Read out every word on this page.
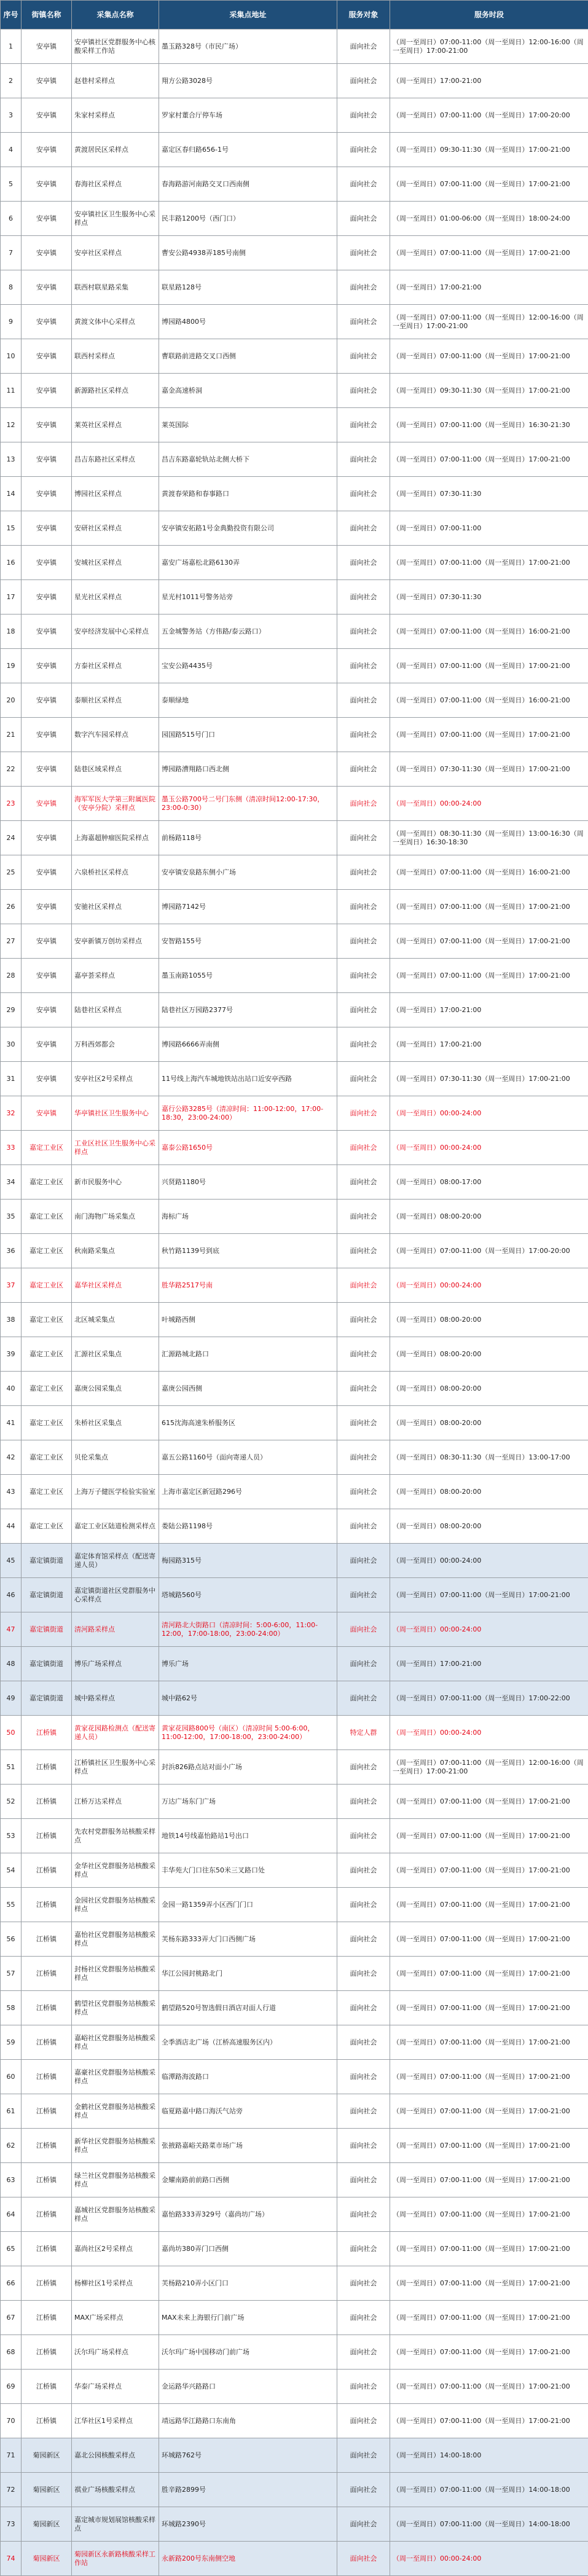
序号	街镇名称	采集点名称	采集点地址	服务对象	服务时段
1	安亭镇	安亭镇社区党群服务中心核酸采样工作站	墨玉路328号（市民广场）	面向社会	（周一至周日）07:00-11:00（周一至周日）12:00-16:00（周一至周日）17:00-21:00
2	安亭镇	赵巷村采样点	翔方公路3028号	面向社会	（周一至周日）17:00-21:00
3	安亭镇	朱家村采样点	罗家村董合厅停车场	面向社会	（周一至周日）07:00-11:00（周一至周日）17:00-20:00
4	安亭镇	黄渡居民区采样点	嘉定区春归路656-1号	面向社会	（周一至周日）09:30-11:30（周一至周日）17:00-21:00
5	安亭镇	春海社区采样点	春海路游河南路交叉口西南侧	面向社会	（周一至周日）07:00-11:00（周一至周日）17:00-21:00
6	安亭镇	安亭镇社区卫生服务中心采样点	民丰路1200号（西门口）	面向社会	（周一至周日）01:00-06:00（周一至周日）18:00-24:00
7	安亭镇	安亭社区采样点	曹安公路4938弄185号南侧	面向社会	（周一至周日）07:00-11:00（周一至周日）17:00-21:00
8	安亭镇	联西村联星路采集	联星路128号	面向社会	（周一至周日）17:00-21:00
9	安亭镇	黄渡文体中心采样点	博园路4800号	面向社会	（周一至周日）07:00-11:00（周一至周日）12:00-16:00（周一至周日）17:00-21:00
10	安亭镇	联西村采样点	曹联路前进路交叉口西侧	面向社会	（周一至周日）07:00-11:00（周一至周日）17:00-21:00
11	安亭镇	新源路社区采样点	嘉金高速桥洞	面向社会	（周一至周日）09:30-11:30（周一至周日）17:00-21:00
12	安亭镇	莱英社区采样点	莱英国际	面向社会	（周一至周日）07:00-11:00（周一至周日）16:30-21:30
13	安亭镇	昌吉东路社区采样点	昌吉东路嘉轮轨站北侧大桥下	面向社会	（周一至周日）07:00-11:00（周一至周日）17:00-21:00
14	安亭镇	博园社区采样点	黄渡春荣路和春事路口	面向社会	（周一至周日）07:30-11:30
15	安亭镇	安研社区采样点	安亭镇安拓路1号金典勤投资有限公司	面向社会	（周一至周日）07:00-11:00
16	安亭镇	安城社区采样点	嘉安广场嘉松北路6130弄	面向社会	（周一至周日）07:00-11:00（周一至周日）17:00-21:00
17	安亭镇	星光社区采样点	星光村1011号警务站旁	面向社会	（周一至周日）07:30-11:30
18	安亭镇	安亭经济发展中心采样点	五金城警务站（方伟路/泰云路口）	面向社会	（周一至周日）07:00-11:00（周一至周日）16:00-21:00
19	安亭镇	方泰社区采样点	宝安公路4435号	面向社会	（周一至周日）07:00-11:00（周一至周日）17:00-21:00
20	安亭镇	泰顺社区采样点	泰顺绿地	面向社会	（周一至周日）07:00-11:00（周一至周日）16:00-21:00
21	安亭镇	数字汽车园采样点	园国路515号门口	面向社会	（周一至周日）07:00-11:00（周一至周日）17:00-21:00
22	安亭镇	陆巷区域采样点	博园路漕翔路口西北侧	面向社会	（周一至周日）07:30-11:30（周一至周日）17:00-21:00
23	安亭镇	海军军医大学第三附属医院（安亭分院）采样点	墨玉公路700号二号门东侧（清凉时间12:00-17:30，23:00-0:30）	面向社会	（周一至周日）00:00-24:00
24	安亭镇	上海嘉超肿瘤医院采样点	前杨路118号	面向社会	（周一至周日）08:30-11:30（周一至周日）13:00-16:30（周一至周日）16:30-18:30
25	安亭镇	六泉桥社区采样点	安亭镇安泉路东侧小广场	面向社会	（周一至周日）07:00-11:00（周一至周日）16:00-21:00
26	安亭镇	安驰社区采样点	博园路7142号	面向社会	（周一至周日）07:00-11:00（周一至周日）17:00-21:00
27	安亭镇	安亭新镇万创坊采样点	安智路155号	面向社会	（周一至周日）07:00-11:00（周一至周日）17:00-21:00
28	安亭镇	嘉亭荟采样点	墨玉南路1055号	面向社会	（周一至周日）07:00-11:00（周一至周日）17:00-21:00
29	安亭镇	陆巷社区采样点	陆巷社区万园路2377号	面向社会	（周一至周日）17:00-21:00
30	安亭镇	万科西郊都会	博园路6666弄南侧	面向社会	（周一至周日）17:00-21:00
31	安亭镇	安亭社区2号采样点	11号线上海汽车城地铁站出站口近安亭西路	面向社会	（周一至周日）07:30-11:30（周一至周日）17:00-21:00
32	安亭镇	华亭镇社区卫生服务中心	嘉行公路3285号（清凉时间：11:00-12:00，17:00-18:30，23:00-24:00）	面向社会	（周一至周日）00:00-24:00
33	嘉定工业区	工业区社区卫生服务中心采样点	嘉泰公路1650号	面向社会	（周一至周日）00:00-24:00
34	嘉定工业区	新市民服务中心	兴贤路1180号	面向社会	（周一至周日）08:00-17:00
35	嘉定工业区	南门海物广场采集点	海标广场	面向社会	（周一至周日）08:00-20:00
36	嘉定工业区	秋南路采集点	秋竹路1139号到底	面向社会	（周一至周日）07:00-11:00（周一至周日）17:00-20:00
37	嘉定工业区	嘉华社区采样点	胜华路2517号南	面向社会	（周一至周日）00:00-24:00
38	嘉定工业区	北区城采集点	叶城路西侧	面向社会	（周一至周日）08:00-20:00
39	嘉定工业区	汇源社区采集点	汇源路城北路口	面向社会	（周一至周日）08:00-20:00
40	嘉定工业区	嘉庚公园采集点	嘉庚公园西侧	面向社会	（周一至周日）08:00-20:00
41	嘉定工业区	朱桥社区采集点	615沈海高速朱桥服务区	面向社会	（周一至周日）08:00-20:00
42	嘉定工业区	贝伦采集点	嘉五公路1160号（面向寄递人员）	面向社会	（周一至周日）08:30-11:30（周一至周日）13:00-17:00
43	嘉定工业区	上海万子健医学检验实验室	上海市嘉定区新冠路296号	面向社会	（周一至周日）08:00-20:00
44	嘉定工业区	嘉定工业区陆道检测采样点	娄陆公路1198号	面向社会	（周一至周日）08:00-20:00
45	嘉定镇街道	嘉定体育馆采样点（配送寄递人员）	梅园路315号	面向社会	（周一至周日）00:00-24:00
46	嘉定镇街道	嘉定镇街道社区党群服务中心采样点	塔城路560号	面向社会	（周一至周日）07:00-11:00（周一至周日）17:00-21:00
47	嘉定镇街道	清河路采样点	清河路北大街路口（清凉时间：5:00-6:00，11:00-12:00，17:00-18:00，23:00-24:00）	面向社会	（周一至周日）00:00-24:00
48	嘉定镇街道	博乐广场采样点	博乐广场	面向社会	（周一至周日）17:00-21:00
49	嘉定镇街道	城中路采样点	城中路62号	面向社会	（周一至周日）07:00-11:00（周一至周日）17:00-22:00
50	江桥镇	黄家花园路检测点（配送寄递人员）	黄家花园路800号（南区）（清凉时间 5:00-6:00，11:00-12:00，17:00-18:00，23:00-24:00）	特定人群	（周一至周日）00:00-24:00
51	江桥镇	江桥镇社区卫生服务中心采样点	封浜826路点站对面小广场	面向社会	（周一至周日）07:00-11:00（周一至周日）12:00-16:00（周一至周日）17:00-21:00
52	江桥镇	江桥万达采样点	万达广场东门广场	面向社会	（周一至周日）07:00-11:00（周一至周日）17:00-21:00
53	江桥镇	先农村党群服务站核酸采样点	地铁14号线嘉怡路站1号出口	面向社会	（周一至周日）07:00-11:00（周一至周日）17:00-21:00
54	江桥镇	金华社区党群服务站核酸采样点	丰华苑大门口往东50米三叉路口处	面向社会	（周一至周日）07:00-11:00（周一至周日）17:00-21:00
55	江桥镇	金园社区党群服务站核酸采样点	金园一路1359弄小区西门门口	面向社会	（周一至周日）07:00-11:00（周一至周日）17:00-21:00
56	江桥镇	嘉怡社区党群服务站核酸采样点	芙杨东路333弄大门口西侧广场	面向社会	（周一至周日）07:00-11:00（周一至周日）17:00-21:00
57	江桥镇	封杨社区党群服务站核酸采样点	华江公园封桃路北门	面向社会	（周一至周日）07:00-11:00（周一至周日）17:00-21:00
58	江桥镇	鹤望社区党群服务站核酸采样点	鹤望路520号智选假日酒店对面人行道	面向社会	（周一至周日）07:00-11:00（周一至周日）17:00-21:00
59	江桥镇	嘉峪社区党群服务站核酸采样点	全季酒店北广场（江桥高速服务区内）	面向社会	（周一至周日）07:00-11:00（周一至周日）17:00-21:00
60	江桥镇	嘉豪社区党群服务站核酸采样点	临潭路海波路口	面向社会	（周一至周日）07:00-11:00（周一至周日）17:00-21:00
61	江桥镇	金鹤社区党群服务站核酸采样点	临夏路嘉中路口海沃气站旁	面向社会	（周一至周日）07:00-11:00（周一至周日）17:00-21:00
62	江桥镇	新华社区党群服务站核酸采样点	张掖路嘉峪关路菜市场广场	面向社会	（周一至周日）07:00-11:00（周一至周日）17:00-21:00
63	江桥镇	绿兰社区党群服务站核酸采样点	金耀南路前前路口西侧	面向社会	（周一至周日）07:00-11:00（周一至周日）17:00-21:00
64	江桥镇	嘉城社区党群服务站核酸采样点	嘉怡路333弄329号（嘉尚坊广场）	面向社会	（周一至周日）07:00-11:00（周一至周日）17:00-21:00
65	江桥镇	嘉尚社区2号采样点	嘉尚坊380弄门口西侧	面向社会	（周一至周日）07:00-11:00（周一至周日）17:00-21:00
66	江桥镇	杨柳社区1号采样点	芙杨路210弄小区门口	面向社会	（周一至周日）07:00-11:00（周一至周日）17:00-21:00
67	江桥镇	MAX广场采样点	MAX未来上海银行门前广场	面向社会	（周一至周日）07:00-11:00（周一至周日）17:00-21:00
68	江桥镇	沃尔玛广场采样点	沃尔玛广场中国移动门前广场	面向社会	（周一至周日）07:00-11:00（周一至周日）17:00-21:00
69	江桥镇	华泰广场采样点	金运路华兴路路口	面向社会	（周一至周日）07:00-11:00（周一至周日）17:00-21:00
70	江桥镇	江华社区1号采样点	靖远路华江路路口东南角	面向社会	（周一至周日）07:00-11:00（周一至周日）17:00-21:00
71	菊园新区	嘉北公园核酸采样点	环城路762号	面向社会	（周一至周日）14:00-18:00
72	菊园新区	祺业广场核酸采样点	胜辛路2899号	面向社会	（周一至周日）07:00-11:00（周一至周日）14:00-18:00
73	菊园新区	嘉定城市规划展馆核酸采样点	环城路2390号	面向社会	（周一至周日）07:00-11:00（周一至周日）14:00-18:00
74	菊园新区	菊园新区永新路核酸采样工作站	永新路200号东南侧空地	面向社会	（周一至周日）00:00-24:00
